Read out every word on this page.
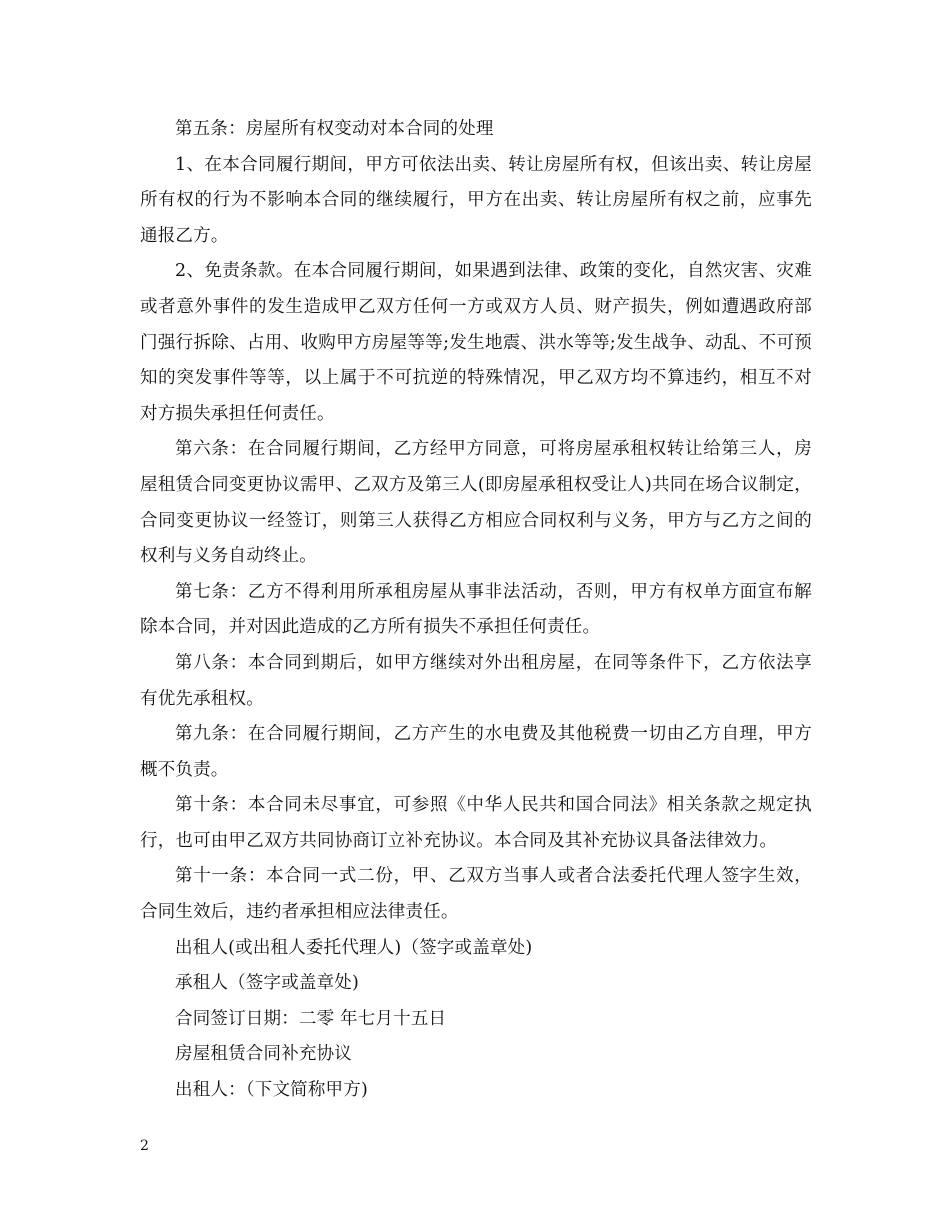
第五条：房屋所有权变动对本合同的处理

1、在本合同履行期间，甲方可依法出卖、转让房屋所有权，但该出卖、转让房屋所有权的行为不影响本合同的继续履行，甲方在出卖、转让房屋所有权之前，应事先通报乙方。

2、免责条款。在本合同履行期间，如果遇到法律、政策的变化，自然灾害、灾难或者意外事件的发生造成甲乙双方任何一方或双方人员、财产损失，例如遭遇政府部门强行拆除、占用、收购甲方房屋等等;发生地震、洪水等等;发生战争、动乱、不可预知的突发事件等等，以上属于不可抗逆的特殊情况，甲乙双方均不算违约，相互不对对方损失承担任何责任。

第六条：在合同履行期间，乙方经甲方同意，可将房屋承租权转让给第三人，房屋租赁合同变更协议需甲、乙双方及第三人(即房屋承租权受让人)共同在场合议制定，合同变更协议一经签订，则第三人获得乙方相应合同权利与义务，甲方与乙方之间的权利与义务自动终止。

第七条：乙方不得利用所承租房屋从事非法活动，否则，甲方有权单方面宣布解除本合同，并对因此造成的乙方所有损失不承担任何责任。

第八条：本合同到期后，如甲方继续对外出租房屋，在同等条件下，乙方依法享有优先承租权。

第九条：在合同履行期间，乙方产生的水电费及其他税费一切由乙方自理，甲方概不负责。

第十条：本合同未尽事宜，可参照《中华人民共和国合同法》相关条款之规定执行，也可由甲乙双方共同协商订立补充协议。本合同及其补充协议具备法律效力。

第十一条：本合同一式二份，甲、乙双方当事人或者合法委托代理人签字生效，合同生效后，违约者承担相应法律责任。

出租人(或出租人委托代理人)（签字或盖章处)

承租人（签字或盖章处)

合同签订日期：二零 年七月十五日

房屋租赁合同补充协议

出租人：（下文简称甲方)

2
